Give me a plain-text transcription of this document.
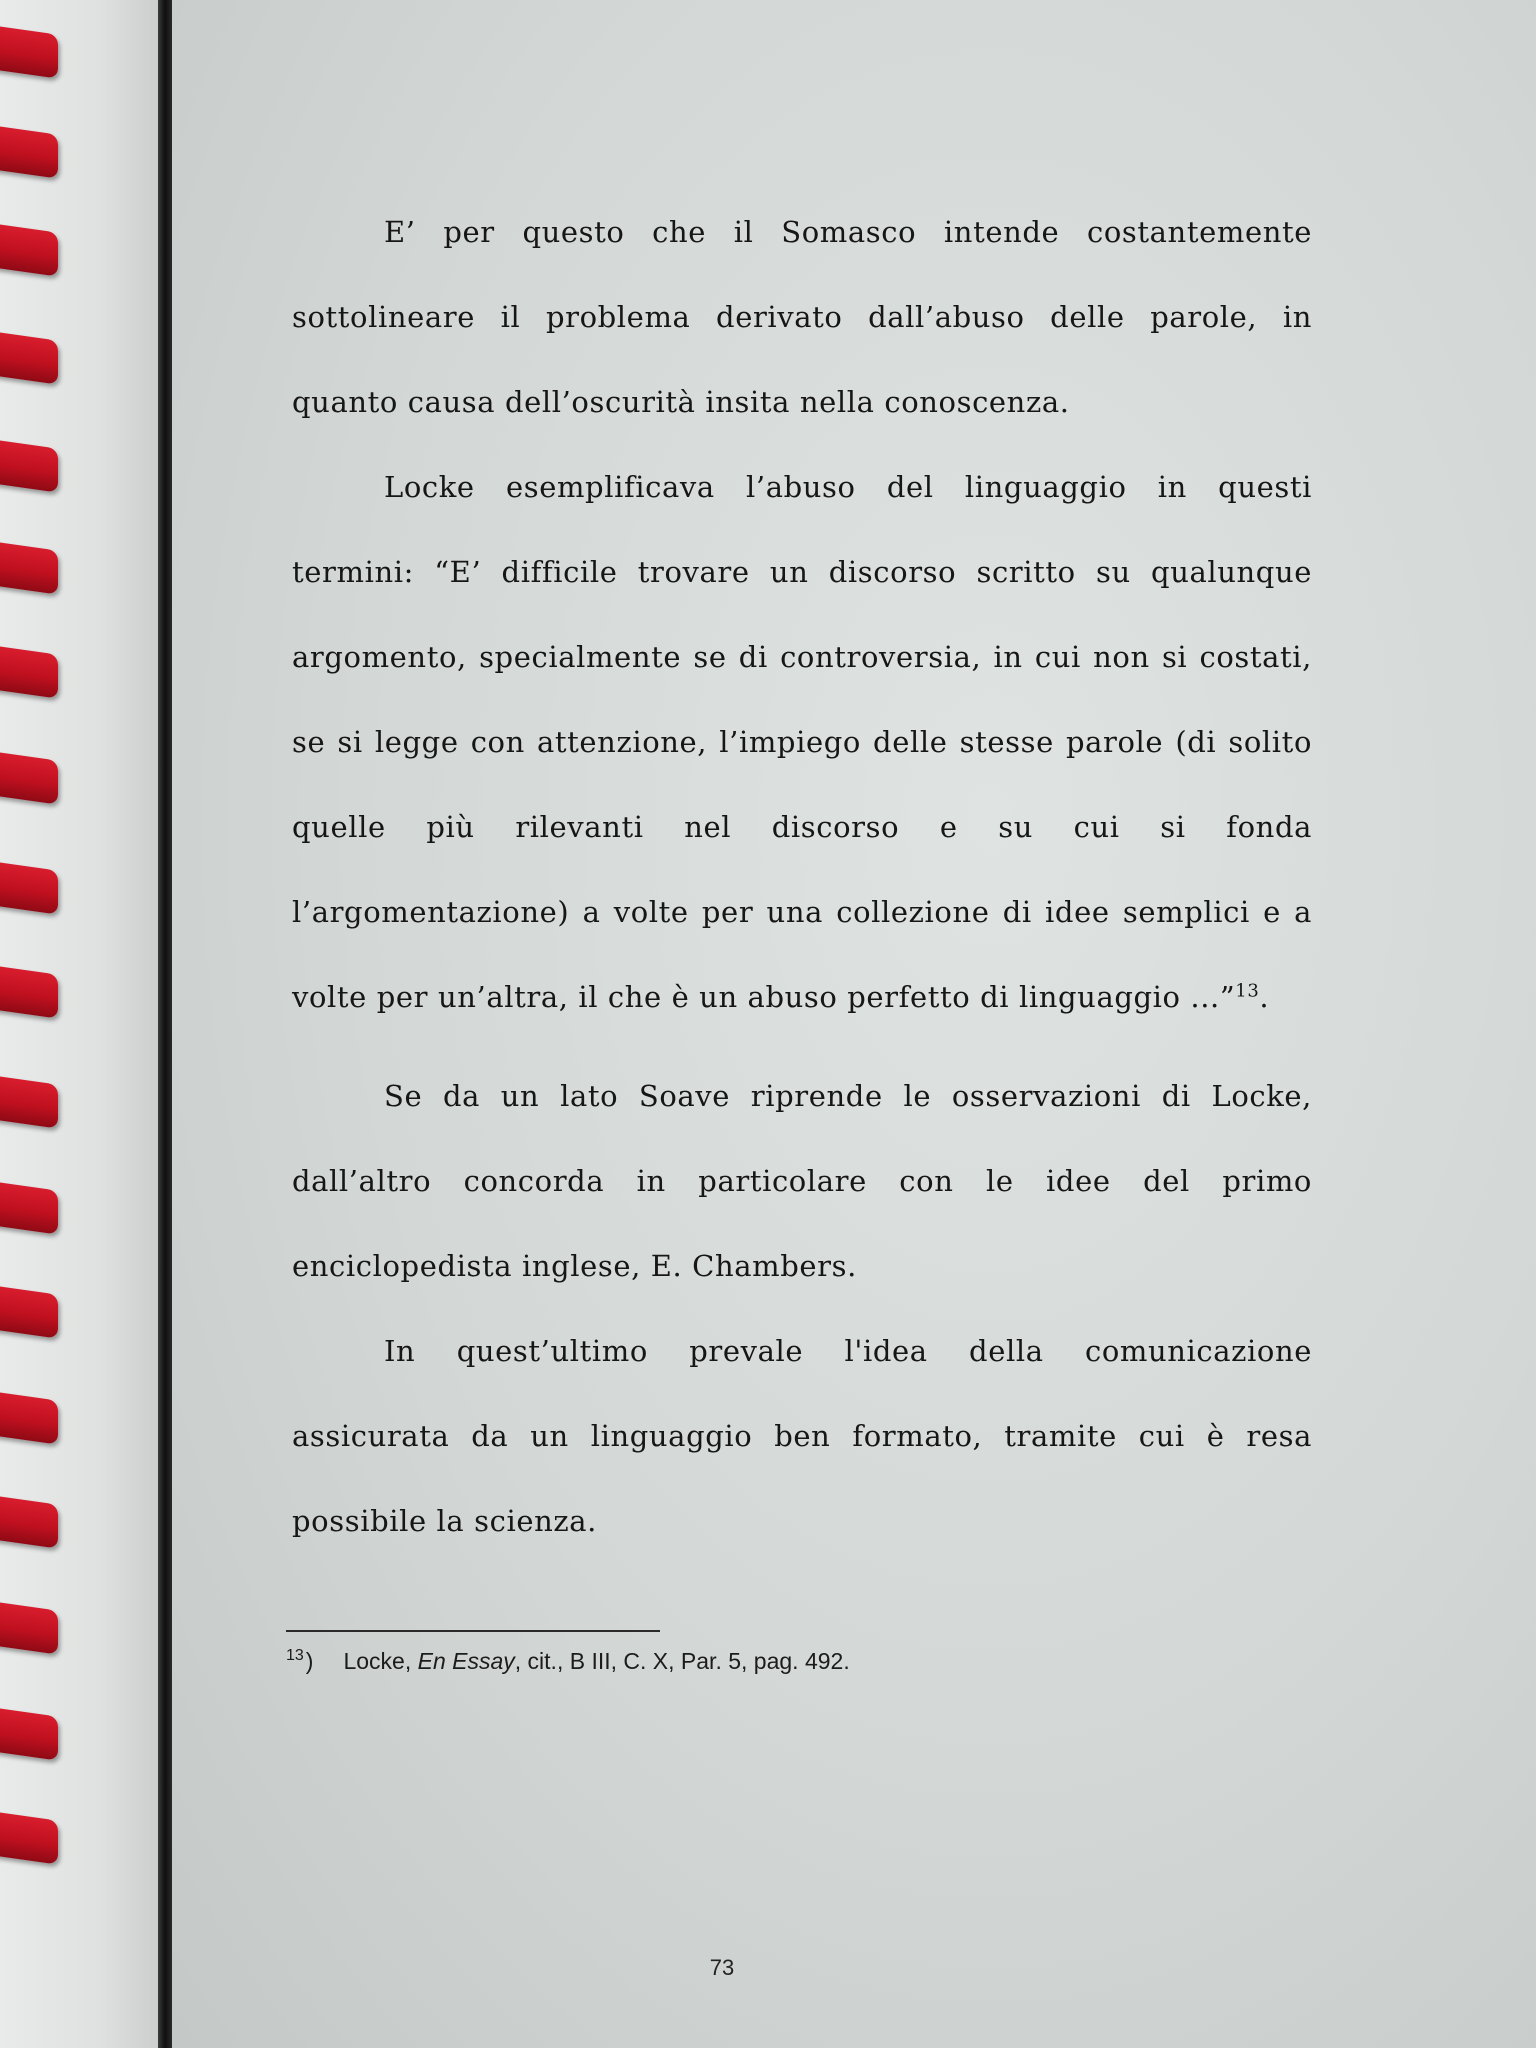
E’ per questo che il Somasco intende costantemente sottolineare il problema derivato dall’abuso delle parole, in quanto causa dell’oscurità insita nella conoscenza.

Locke esemplificava l’abuso del linguaggio in questi termini: “E’ difficile trovare un discorso scritto su qualunque argomento, specialmente se di controversia, in cui non si costati, se si legge con attenzione, l’impiego delle stesse parole (di solito quelle più rilevanti nel discorso e su cui si fonda l’argomentazione) a volte per una collezione di idee semplici e a volte per un’altra, il che è un abuso perfetto di linguaggio ...”$^{13}$.

Se da un lato Soave riprende le osservazioni di Locke, dall’altro concorda in particolare con le idee del primo enciclopedista inglese, E. Chambers.

In quest’ultimo prevale l'idea della comunicazione assicurata da un linguaggio ben formato, tramite cui è resa possibile la scienza.

$^{13}$) Locke, En Essay, cit., B III, C. X, Par. 5, pag. 492.
73
